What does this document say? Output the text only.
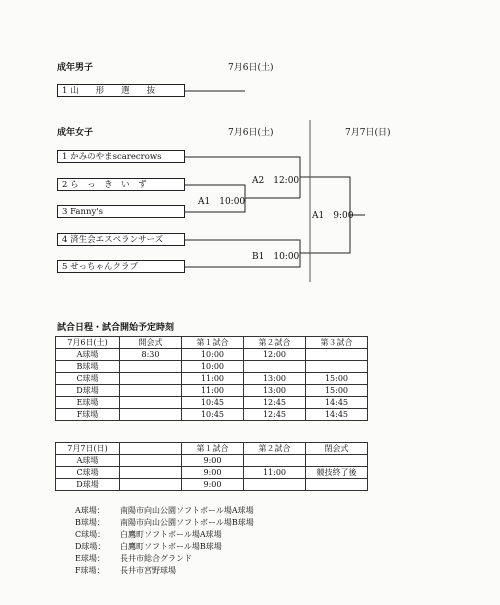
成年男子	7月6日(土)
1 山　　形　　選　　抜
成年女子	7月6日(土)	7月7日(日)
1 かみのやまscarecrows
2 ら　っ　き　い　ず
3 Fanny's
4 済生会エスペランサーズ
5 せっちゃんクラブ
A2　12:00
A1　10:00
A1　9:00
B1　10:00
試合日程・試合開始予定時刻
7月6日(土)	開会式	第１試合	第２試合	第３試合
A球場	8:30	10:00	12:00	
B球場		10:00		
C球場		11:00	13:00	15:00
D球場		11:00	13:00	15:00
E球場		10:45	12:45	14:45
F球場		10:45	12:45	14:45
7月7日(日)		第１試合	第２試合	閉会式
A球場		9:00		
C球場		9:00	11:00	競技終了後
D球場		9:00		
A球場： 南陽市向山公園ソフトボール場A球場
B球場： 南陽市向山公園ソフトボール場B球場
C球場： 白鷹町ソフトボール場A球場
D球場： 白鷹町ソフトボール場B球場
E球場： 長井市総合グランド
F球場： 長井市宮野球場
